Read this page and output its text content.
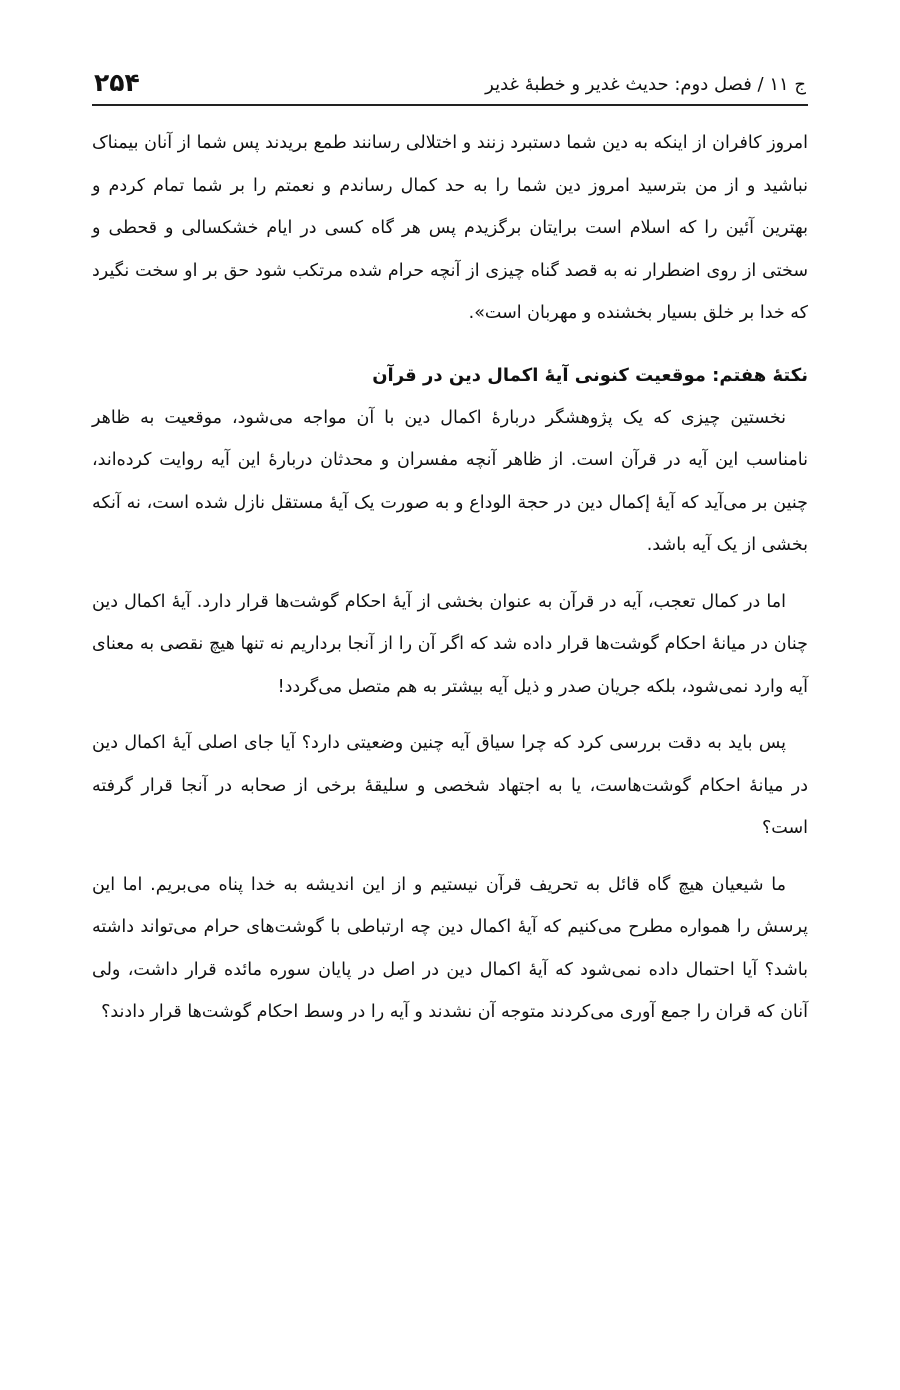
ج ۱۱ / فصل دوم: حدیث غدیر و خطبهٔ غدیر
۲۵۴

امروز کافران از اینکه به دین شما دستبرد زنند و اختلالی رسانند طمع بریدند پس شما از آنان بیمناک نباشید و از من بترسید امروز دین شما را به حد کمال رساندم و نعمتم را بر شما تمام کردم و بهترین آئین را که اسلام است برایتان برگزیدم پس هر گاه کسی در ایام خشکسالی و قحطی و سختی از روی اضطرار نه به قصد گناه چیزی از آنچه حرام شده مرتکب شود حق بر او سخت نگیرد که خدا بر خلق بسیار بخشنده و مهربان است».

نکتهٔ هفتم: موقعیت کنونی آیهٔ اکمال دین در قرآن

نخستین چیزی که یک پژوهشگر دربارهٔ اکمال دین با آن مواجه می‌شود، موقعیت به ظاهر نامناسب این آیه در قرآن است. از ظاهر آنچه مفسران و محدثان دربارهٔ این آیه روایت کرده‌اند، چنین بر می‌آید که آیهٔ إکمال دین در حجة الوداع و به صورت یک آیهٔ مستقل نازل شده است، نه آنکه بخشی از یک آیه باشد.

اما در کمال تعجب، آیه در قرآن به عنوان بخشی از آیهٔ احکام گوشت‌ها قرار دارد. آیهٔ اکمال دین چنان در میانهٔ احکام گوشت‌ها قرار داده شد که اگر آن را از آنجا برداریم نه تنها هیچ نقصی به معنای آیه وارد نمی‌شود، بلکه جریان صدر و ذیل آیه بیشتر به هم متصل می‌گردد!

پس باید به دقت بررسی کرد که چرا سیاق آیه چنین وضعیتی دارد؟ آیا جای اصلی آیهٔ اکمال دین در میانهٔ احکام گوشت‌هاست، یا به اجتهاد شخصی و سلیقهٔ برخی از صحابه در آنجا قرار گرفته است؟

ما شیعیان هیچ گاه قائل به تحریف قرآن نیستیم و از این اندیشه به خدا پناه می‌بریم. اما این پرسش را همواره مطرح می‌کنیم که آیهٔ اکمال دین چه ارتباطی با گوشت‌های حرام می‌تواند داشته باشد؟ آیا احتمال داده نمی‌شود که آیهٔ اکمال دین در اصل در پایان سوره مائده قرار داشت، ولی آنان که قران را جمع آوری می‌کردند متوجه آن نشدند و آیه را در وسط احکام گوشت‌ها قرار دادند؟
